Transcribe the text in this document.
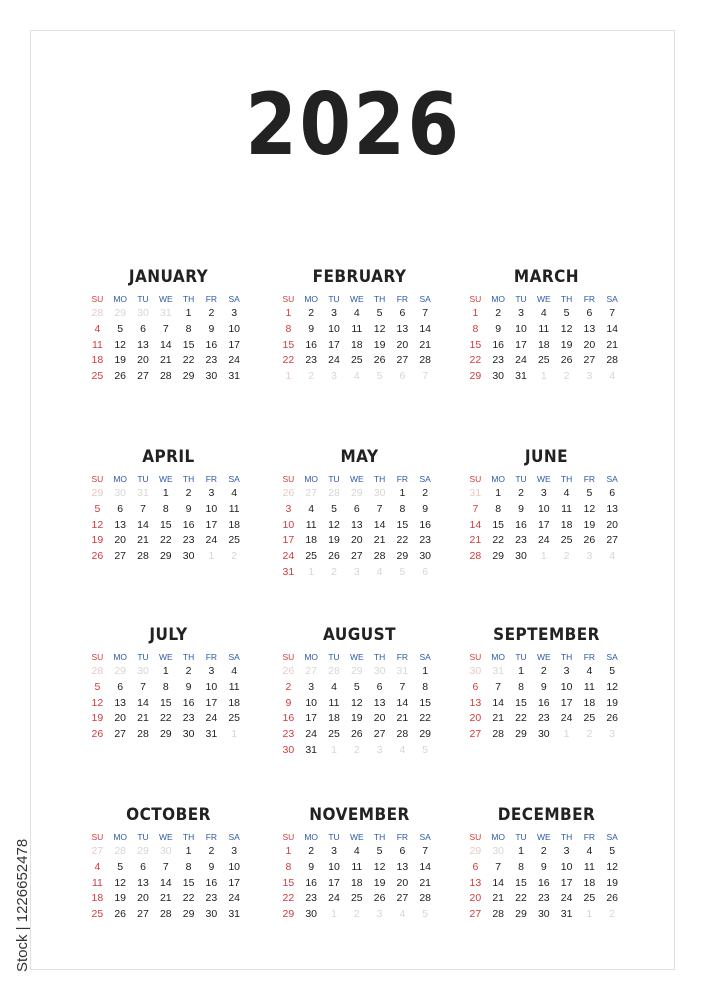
2026
JANUARY
SU	MO	TU	WE	TH	FR	SA
28	29	30	31	1	2	3
4	5	6	7	8	9	10
11	12	13	14	15	16	17
18	19	20	21	22	23	24
25	26	27	28	29	30	31
FEBRUARY
SU	MO	TU	WE	TH	FR	SA
1	2	3	4	5	6	7
8	9	10	11	12	13	14
15	16	17	18	19	20	21
22	23	24	25	26	27	28
1	2	3	4	5	6	7
MARCH
SU	MO	TU	WE	TH	FR	SA
1	2	3	4	5	6	7
8	9	10	11	12	13	14
15	16	17	18	19	20	21
22	23	24	25	26	27	28
29	30	31	1	2	3	4
APRIL
SU	MO	TU	WE	TH	FR	SA
29	30	31	1	2	3	4
5	6	7	8	9	10	11
12	13	14	15	16	17	18
19	20	21	22	23	24	25
26	27	28	29	30	1	2
MAY
SU	MO	TU	WE	TH	FR	SA
26	27	28	29	30	1	2
3	4	5	6	7	8	9
10	11	12	13	14	15	16
17	18	19	20	21	22	23
24	25	26	27	28	29	30
31	1	2	3	4	5	6
JUNE
SU	MO	TU	WE	TH	FR	SA
31	1	2	3	4	5	6
7	8	9	10	11	12	13
14	15	16	17	18	19	20
21	22	23	24	25	26	27
28	29	30	1	2	3	4
JULY
SU	MO	TU	WE	TH	FR	SA
28	29	30	1	2	3	4
5	6	7	8	9	10	11
12	13	14	15	16	17	18
19	20	21	22	23	24	25
26	27	28	29	30	31	1
AUGUST
SU	MO	TU	WE	TH	FR	SA
26	27	28	29	30	31	1
2	3	4	5	6	7	8
9	10	11	12	13	14	15
16	17	18	19	20	21	22
23	24	25	26	27	28	29
30	31	1	2	3	4	5
SEPTEMBER
SU	MO	TU	WE	TH	FR	SA
30	31	1	2	3	4	5
6	7	8	9	10	11	12
13	14	15	16	17	18	19
20	21	22	23	24	25	26
27	28	29	30	1	2	3
OCTOBER
SU	MO	TU	WE	TH	FR	SA
27	28	29	30	1	2	3
4	5	6	7	8	9	10
11	12	13	14	15	16	17
18	19	20	21	22	23	24
25	26	27	28	29	30	31
NOVEMBER
SU	MO	TU	WE	TH	FR	SA
1	2	3	4	5	6	7
8	9	10	11	12	13	14
15	16	17	18	19	20	21
22	23	24	25	26	27	28
29	30	1	2	3	4	5
DECEMBER
SU	MO	TU	WE	TH	FR	SA
29	30	1	2	3	4	5
6	7	8	9	10	11	12
13	14	15	16	17	18	19
20	21	22	23	24	25	26
27	28	29	30	31	1	2
Stock | 1226652478
